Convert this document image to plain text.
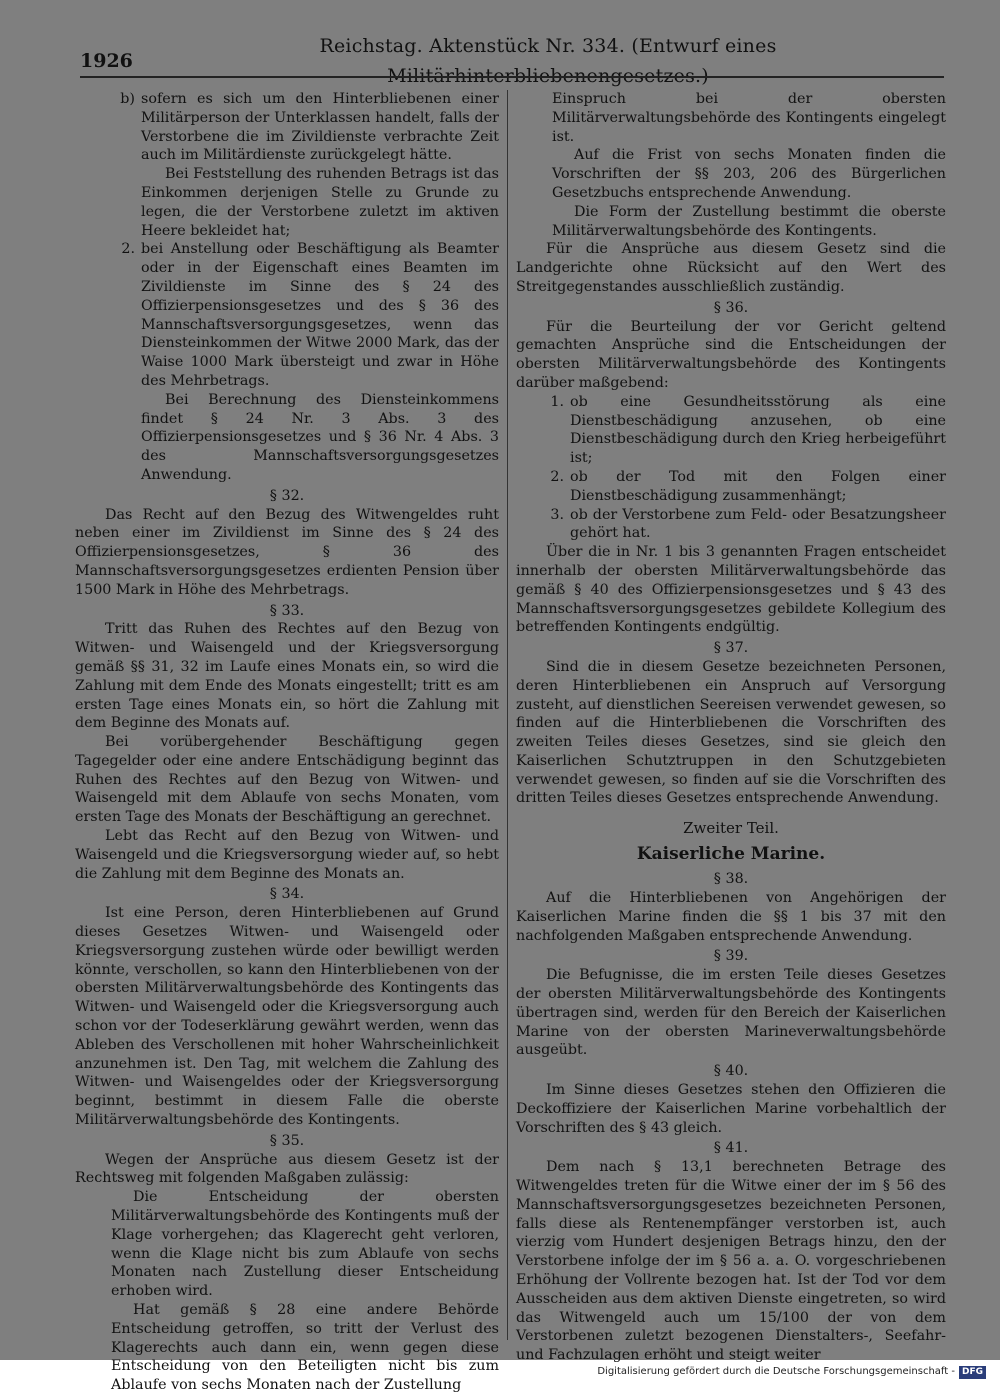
1926
Reichstag. Aktenstück Nr. 334. (Entwurf eines Militärhinterbliebenengesetzes.)
b) sofern es sich um den Hinterbliebenen einer Militärperson der Unterklassen handelt, falls der Verstorbene die im Zivildienste verbrachte Zeit auch im Militärdienste zurückgelegt hätte.

Bei Feststellung des ruhenden Betrags ist das Einkommen derjenigen Stelle zu Grunde zu legen, die der Verstorbene zuletzt im aktiven Heere bekleidet hat;

2. bei Anstellung oder Beschäftigung als Beamter oder in der Eigenschaft eines Beamten im Zivildienste im Sinne des § 24 des Offizierpensionsgesetzes und des § 36 des Mannschaftsversorgungsgesetzes, wenn das Diensteinkommen der Witwe 2000 Mark, das der Waise 1000 Mark übersteigt und zwar in Höhe des Mehrbetrags.

Bei Berechnung des Diensteinkommens findet § 24 Nr. 3 Abs. 3 des Offizierpensionsgesetzes und § 36 Nr. 4 Abs. 3 des Mannschaftsversorgungsgesetzes Anwendung.

§ 32.

Das Recht auf den Bezug des Witwengeldes ruht neben einer im Zivildienst im Sinne des § 24 des Offizierpensionsgesetzes, § 36 des Mannschaftsversorgungsgesetzes erdienten Pension über 1500 Mark in Höhe des Mehrbetrags.

§ 33.

Tritt das Ruhen des Rechtes auf den Bezug von Witwen- und Waisengeld und der Kriegsversorgung gemäß §§ 31, 32 im Laufe eines Monats ein, so wird die Zahlung mit dem Ende des Monats eingestellt; tritt es am ersten Tage eines Monats ein, so hört die Zahlung mit dem Beginne des Monats auf.

Bei vorübergehender Beschäftigung gegen Tagegelder oder eine andere Entschädigung beginnt das Ruhen des Rechtes auf den Bezug von Witwen- und Waisengeld mit dem Ablaufe von sechs Monaten, vom ersten Tage des Monats der Beschäftigung an gerechnet.

Lebt das Recht auf den Bezug von Witwen- und Waisengeld und die Kriegsversorgung wieder auf, so hebt die Zahlung mit dem Beginne des Monats an.

§ 34.

Ist eine Person, deren Hinterbliebenen auf Grund dieses Gesetzes Witwen- und Waisengeld oder Kriegsversorgung zustehen würde oder bewilligt werden könnte, verschollen, so kann den Hinterbliebenen von der obersten Militärverwaltungsbehörde des Kontingents das Witwen- und Waisengeld oder die Kriegsversorgung auch schon vor der Todeserklärung gewährt werden, wenn das Ableben des Verschollenen mit hoher Wahrscheinlichkeit anzunehmen ist. Den Tag, mit welchem die Zahlung des Witwen- und Waisengeldes oder der Kriegsversorgung beginnt, bestimmt in diesem Falle die oberste Militärverwaltungsbehörde des Kontingents.

§ 35.

Wegen der Ansprüche aus diesem Gesetz ist der Rechtsweg mit folgenden Maßgaben zulässig:

Die Entscheidung der obersten Militärverwaltungsbehörde des Kontingents muß der Klage vorhergehen; das Klagerecht geht verloren, wenn die Klage nicht bis zum Ablaufe von sechs Monaten nach Zustellung dieser Entscheidung erhoben wird.

Hat gemäß § 28 eine andere Behörde Entscheidung getroffen, so tritt der Verlust des Klagerechts auch dann ein, wenn gegen diese Entscheidung von den Beteiligten nicht bis zum Ablaufe von sechs Monaten nach der Zustellung

Einspruch bei der obersten Militärverwaltungsbehörde des Kontingents eingelegt ist.

Auf die Frist von sechs Monaten finden die Vorschriften der §§ 203, 206 des Bürgerlichen Gesetzbuchs entsprechende Anwendung.

Die Form der Zustellung bestimmt die oberste Militärverwaltungsbehörde des Kontingents.

Für die Ansprüche aus diesem Gesetz sind die Landgerichte ohne Rücksicht auf den Wert des Streitgegenstandes ausschließlich zuständig.

§ 36.

Für die Beurteilung der vor Gericht geltend gemachten Ansprüche sind die Entscheidungen der obersten Militärverwaltungsbehörde des Kontingents darüber maßgebend:

1. ob eine Gesundheitsstörung als eine Dienstbeschädigung anzusehen, ob eine Dienstbeschädigung durch den Krieg herbeigeführt ist;
2. ob der Tod mit den Folgen einer Dienstbeschädigung zusammenhängt;
3. ob der Verstorbene zum Feld- oder Besatzungsheer gehört hat.

Über die in Nr. 1 bis 3 genannten Fragen entscheidet innerhalb der obersten Militärverwaltungsbehörde das gemäß § 40 des Offizierpensionsgesetzes und § 43 des Mannschaftsversorgungsgesetzes gebildete Kollegium des betreffenden Kontingents endgültig.

§ 37.

Sind die in diesem Gesetze bezeichneten Personen, deren Hinterbliebenen ein Anspruch auf Versorgung zusteht, auf dienstlichen Seereisen verwendet gewesen, so finden auf die Hinterbliebenen die Vorschriften des zweiten Teiles dieses Gesetzes, sind sie gleich den Kaiserlichen Schutztruppen in den Schutzgebieten verwendet gewesen, so finden auf sie die Vorschriften des dritten Teiles dieses Gesetzes entsprechende Anwendung.

Zweiter Teil.

Kaiserliche Marine.

§ 38.

Auf die Hinterbliebenen von Angehörigen der Kaiserlichen Marine finden die §§ 1 bis 37 mit den nachfolgenden Maßgaben entsprechende Anwendung.

§ 39.

Die Befugnisse, die im ersten Teile dieses Gesetzes der obersten Militärverwaltungsbehörde des Kontingents übertragen sind, werden für den Bereich der Kaiserlichen Marine von der obersten Marineverwaltungsbehörde ausgeübt.

§ 40.

Im Sinne dieses Gesetzes stehen den Offizieren die Deckoffiziere der Kaiserlichen Marine vorbehaltlich der Vorschriften des § 43 gleich.

§ 41.

Dem nach § 13,1 berechneten Betrage des Witwengeldes treten für die Witwe einer der im § 56 des Mannschaftsversorgungsgesetzes bezeichneten Personen, falls diese als Rentenempfänger verstorben ist, auch vierzig vom Hundert desjenigen Betrags hinzu, den der Verstorbene infolge der im § 56 a. a. O. vorgeschriebenen Erhöhung der Vollrente bezogen hat. Ist der Tod vor dem Ausscheiden aus dem aktiven Dienste eingetreten, so wird das Witwengeld auch um 15/100 der von dem Verstorbenen zuletzt bezogenen Dienstalters-, Seefahr- und Fachzulagen erhöht und steigt weiter

Digitalisierung gefördert durch die Deutsche Forschungsgemeinschaft - DFG
